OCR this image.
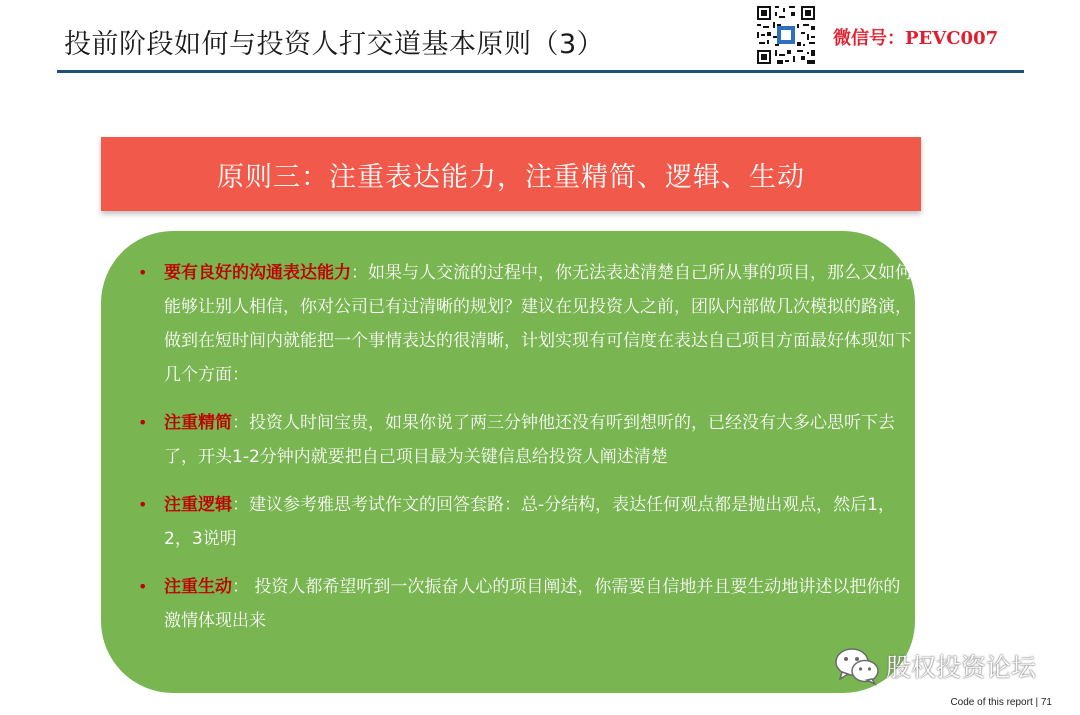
投前阶段如何与投资人打交道基本原则（3）	微信号：PEVC007
原则三：注重表达能力，注重精简、逻辑、生动
• 要有良好的沟通表达能力：如果与人交流的过程中，你无法表述清楚自己所从事的项目，那么又如何能够让别人相信，你对公司已有过清晰的规划？建议在见投资人之前，团队内部做几次模拟的路演，做到在短时间内就能把一个事情表达的很清晰，计划实现有可信度在表达自己项目方面最好体现如下几个方面：
• 注重精简：投资人时间宝贵，如果你说了两三分钟他还没有听到想听的，已经没有大多心思听下去了，开头1-2分钟内就要把自己项目最为关键信息给投资人阐述清楚
• 注重逻辑：建议参考雅思考试作文的回答套路：总-分结构，表达任何观点都是抛出观点，然后1，2，3说明
• 注重生动： 投资人都希望听到一次振奋人心的项目阐述，你需要自信地并且要生动地讲述以把你的激情体现出来
股权投资论坛
Code of this report | 71
